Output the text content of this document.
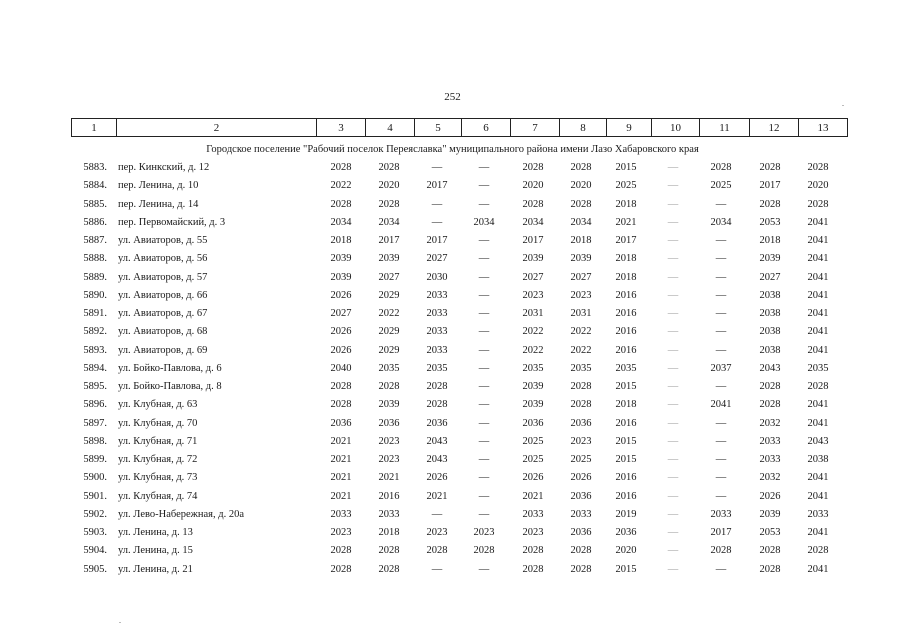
252
1	2	3	4	5	6	7	8	9	10	11	12	13
Городское поселение "Рабочий поселок Переяславка" муниципального района имени Лазо Хабаровского края
5883. пер. Кинкский, д. 12	2028	2028	—	—	2028	2028	2015	—	2028	2028	2028
5884. пер. Ленина, д. 10	2022	2020	2017	—	2020	2020	2025	—	2025	2017	2020
5885. пер. Ленина, д. 14	2028	2028	—	—	2028	2028	2018	—	—	2028	2028
5886. пер. Первомайский, д. 3	2034	2034	—	2034	2034	2034	2021	—	2034	2053	2041
5887. ул. Авиаторов, д. 55	2018	2017	2017	—	2017	2018	2017	—	—	2018	2041
5888. ул. Авиаторов, д. 56	2039	2039	2027	—	2039	2039	2018	—	—	2039	2041
5889. ул. Авиаторов, д. 57	2039	2027	2030	—	2027	2027	2018	—	—	2027	2041
5890. ул. Авиаторов, д. 66	2026	2029	2033	—	2023	2023	2016	—	—	2038	2041
5891. ул. Авиаторов, д. 67	2027	2022	2033	—	2031	2031	2016	—	—	2038	2041
5892. ул. Авиаторов, д. 68	2026	2029	2033	—	2022	2022	2016	—	—	2038	2041
5893. ул. Авиаторов, д. 69	2026	2029	2033	—	2022	2022	2016	—	—	2038	2041
5894. ул. Бойко-Павлова, д. 6	2040	2035	2035	—	2035	2035	2035	—	2037	2043	2035
5895. ул. Бойко-Павлова, д. 8	2028	2028	2028	—	2039	2028	2015	—	—	2028	2028
5896. ул. Клубная, д. 63	2028	2039	2028	—	2039	2028	2018	—	2041	2028	2041
5897. ул. Клубная, д. 70	2036	2036	2036	—	2036	2036	2016	—	—	2032	2041
5898. ул. Клубная, д. 71	2021	2023	2043	—	2025	2023	2015	—	—	2033	2043
5899. ул. Клубная, д. 72	2021	2023	2043	—	2025	2025	2015	—	—	2033	2038
5900. ул. Клубная, д. 73	2021	2021	2026	—	2026	2026	2016	—	—	2032	2041
5901. ул. Клубная, д. 74	2021	2016	2021	—	2021	2036	2016	—	—	2026	2041
5902. ул. Лево-Набережная, д. 20а	2033	2033	—	—	2033	2033	2019	—	2033	2039	2033
5903. ул. Ленина, д. 13	2023	2018	2023	2023	2023	2036	2036	—	2017	2053	2041
5904. ул. Ленина, д. 15	2028	2028	2028	2028	2028	2028	2020	—	2028	2028	2028
5905. ул. Ленина, д. 21	2028	2028	—	—	2028	2028	2015	—	—	2028	2041
